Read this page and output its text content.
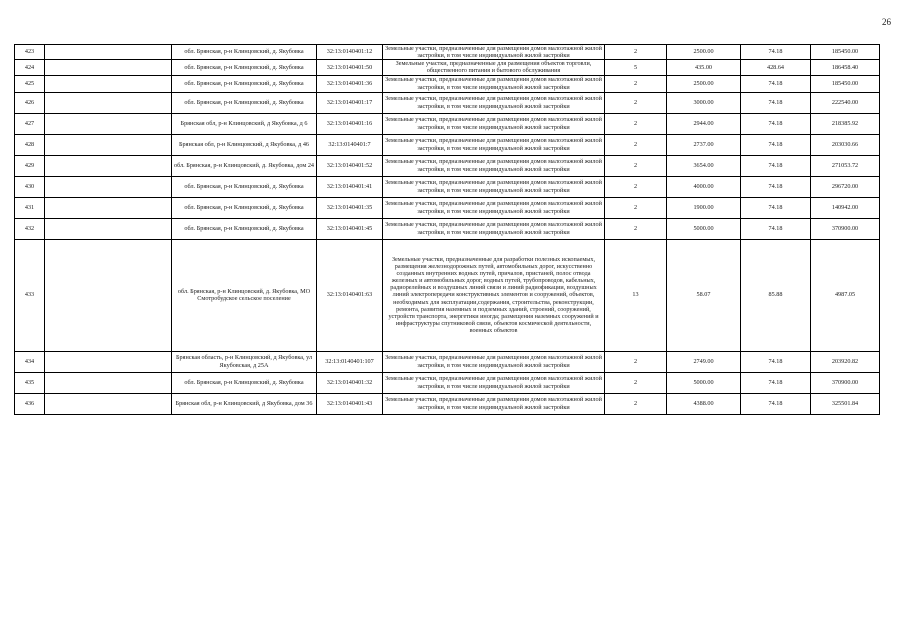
26
423		обл. Брянская, р-н Клинцовский, д. Якубовка	32:13:0140401:12	Земельные участки, предназначенные для размещения домов малоэтажной жилой застройки, в том числе индивидуальной жилой застройки	2	2500.00	74.18	185450.00
424		обл. Брянская, р-н Клинцовский, д. Якубовка	32:13:0140401:50	Земельные участки, предназначенные для размещения объектов торговли, общественного питания и бытового обслуживания	5	435.00	428.64	186458.40
425		обл. Брянская, р-н Клинцовский, д. Якубовка	32:13:0140401:36	Земельные участки, предназначенные для размещения домов малоэтажной жилой застройки, в том числе индивидуальной жилой застройки	2	2500.00	74.18	185450.00
426		обл. Брянская, р-н Клинцовский, д. Якубовка	32:13:0140401:17	Земельные участки, предназначенные для размещения домов малоэтажной жилой застройки, в том числе индивидуальной жилой застройки	2	3000.00	74.18	222540.00
427		Брянская обл, р-н Клинцовский, д Якубовка, д 6	32:13:0140401:16	Земельные участки, предназначенные для размещения домов малоэтажной жилой застройки, в том числе индивидуальной жилой застройки	2	2944.00	74.18	218385.92
428		Брянская обл, р-н Клинцовский, д Якубовка, д 46	32:13:0140401:7	Земельные участки, предназначенные для размещения домов малоэтажной жилой застройки, в том числе индивидуальной жилой застройки	2	2737.00	74.18	203030.66
429		обл. Брянская, р-н Клинцовский, д. Якубовка, дом 24	32:13:0140401:52	Земельные участки, предназначенные для размещения домов малоэтажной жилой застройки, в том числе индивидуальной жилой застройки	2	3654.00	74.18	271053.72
430		обл. Брянская, р-н Клинцовский, д. Якубовка	32:13:0140401:41	Земельные участки, предназначенные для размещения домов малоэтажной жилой застройки, в том числе индивидуальной жилой застройки	2	4000.00	74.18	296720.00
431		обл. Брянская, р-н Клинцовский, д. Якубовка	32:13:0140401:35	Земельные участки, предназначенные для размещения домов малоэтажной жилой застройки, в том числе индивидуальной жилой застройки	2	1900.00	74.18	140942.00
432		обл. Брянская, р-н Клинцовский, д. Якубовка	32:13:0140401:45	Земельные участки, предназначенные для размещения домов малоэтажной жилой застройки, в том числе индивидуальной жилой застройки	2	5000.00	74.18	370900.00
433		обл. Брянская, р-н Клинцовский, д. Якубовка, МО Смотробудское сельское поселение	32:13:0140401:63	Земельные участки, предназначенные для разработки полезных ископаемых, размещения железнодорожных путей, автомобильных дорог, искусственно созданных внутренних водных путей, причалов, пристаней, полос отвода железных и автомобильных дорог, водных путей, трубопроводов, кабельных, радиорелейных и воздушных линий связи и линий радиофикации, воздушных линий электропередачи конструктивных элементов и сооружений, объектов, необходимых для эксплуатации,содержания, строительства, реконструкции, ремонта, развития наземных и подземных зданий, строений, сооружений, устройств транспорта, энергетики иногда; размещения наземных сооружений и инфраструктуры спутниковой связи, объектов космической деятельности, военных объектов	13	58.07	85.88	4987.05
434		Брянская область, р-н Клинцовский, д Якубовка, ул Якубовская, д 25А	32:13:0140401:107	Земельные участки, предназначенные для размещения домов малоэтажной жилой застройки, в том числе индивидуальной жилой застройки	2	2749.00	74.18	203920.82
435		обл. Брянская, р-н Клинцовский, д. Якубовка	32:13:0140401:32	Земельные участки, предназначенные для размещения домов малоэтажной жилой застройки, в том числе индивидуальной жилой застройки	2	5000.00	74.18	370900.00
436		Брянская обл, р-н Клинцовский, д Якубовка, дом 36	32:13:0140401:43	Земельные участки, предназначенные для размещения домов малоэтажной жилой застройки, в том числе индивидуальной жилой застройки	2	4388.00	74.18	325501.84
